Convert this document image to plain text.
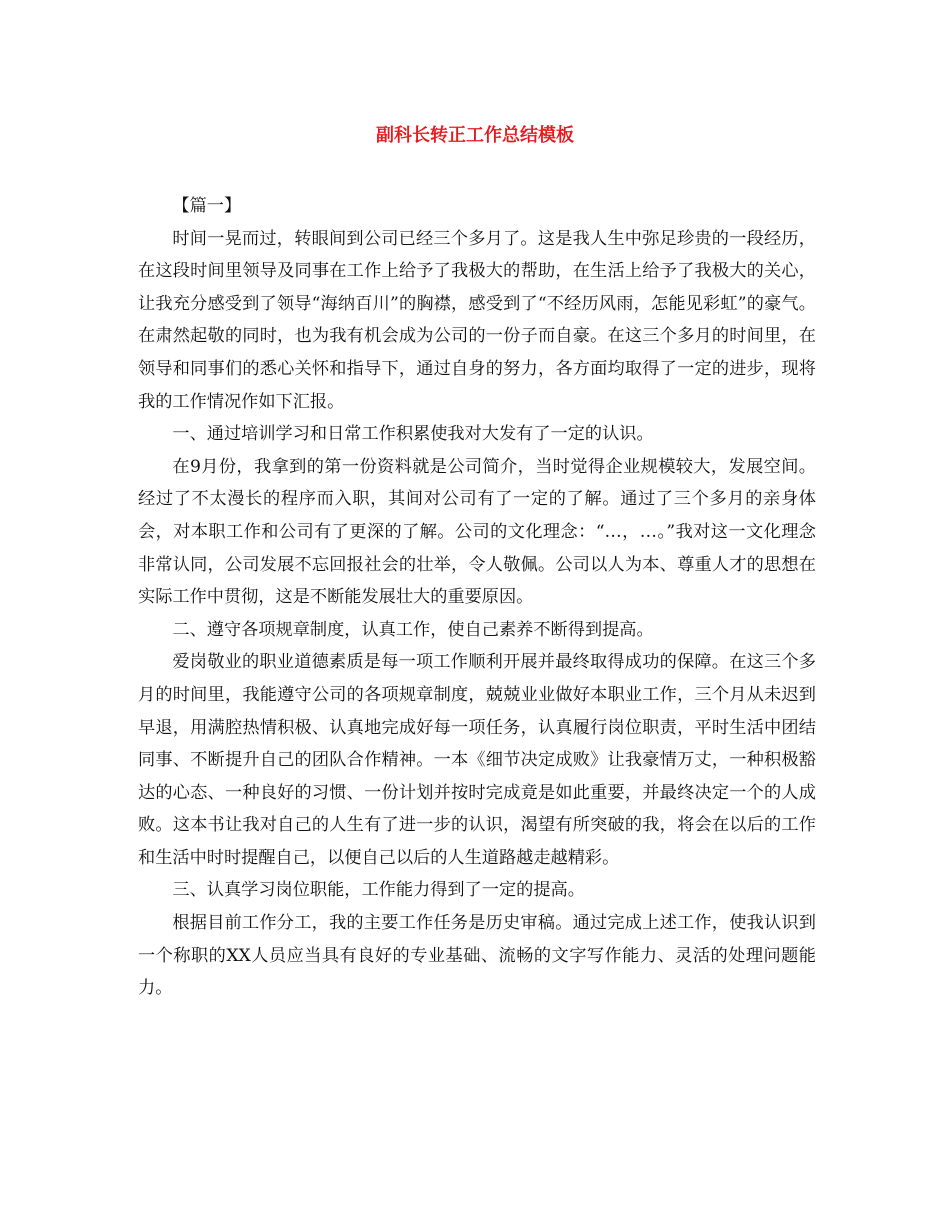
副科长转正工作总结模板

【篇一】

时间一晃而过，转眼间到公司已经三个多月了。这是我人生中弥足珍贵的一段经历，在这段时间里领导及同事在工作上给予了我极大的帮助，在生活上给予了我极大的关心，让我充分感受到了领导“海纳百川”的胸襟，感受到了“不经历风雨，怎能见彩虹”的豪气。在肃然起敬的同时，也为我有机会成为公司的一份子而自豪。在这三个多月的时间里，在领导和同事们的悉心关怀和指导下，通过自身的努力，各方面均取得了一定的进步，现将我的工作情况作如下汇报。

一、通过培训学习和日常工作积累使我对大发有了一定的认识。

在9月份，我拿到的第一份资料就是公司简介，当时觉得企业规模较大，发展空间。经过了不太漫长的程序而入职，其间对公司有了一定的了解。通过了三个多月的亲身体会，对本职工作和公司有了更深的了解。公司的文化理念：“…，…。”我对这一文化理念非常认同，公司发展不忘回报社会的壮举，令人敬佩。公司以人为本、尊重人才的思想在实际工作中贯彻，这是不断能发展壮大的重要原因。

二、遵守各项规章制度，认真工作，使自己素养不断得到提高。

爱岗敬业的职业道德素质是每一项工作顺利开展并最终取得成功的保障。在这三个多月的时间里，我能遵守公司的各项规章制度，兢兢业业做好本职业工作，三个月从未迟到早退，用满腔热情积极、认真地完成好每一项任务，认真履行岗位职责，平时生活中团结同事、不断提升自己的团队合作精神。一本《细节决定成败》让我豪情万丈，一种积极豁达的心态、一种良好的习惯、一份计划并按时完成竟是如此重要，并最终决定一个的人成败。这本书让我对自己的人生有了进一步的认识，渴望有所突破的我，将会在以后的工作和生活中时时提醒自己，以便自己以后的人生道路越走越精彩。

三、认真学习岗位职能，工作能力得到了一定的提高。

根据目前工作分工，我的主要工作任务是历史审稿。通过完成上述工作，使我认识到一个称职的XX人员应当具有良好的专业基础、流畅的文字写作能力、灵活的处理问题能力。
